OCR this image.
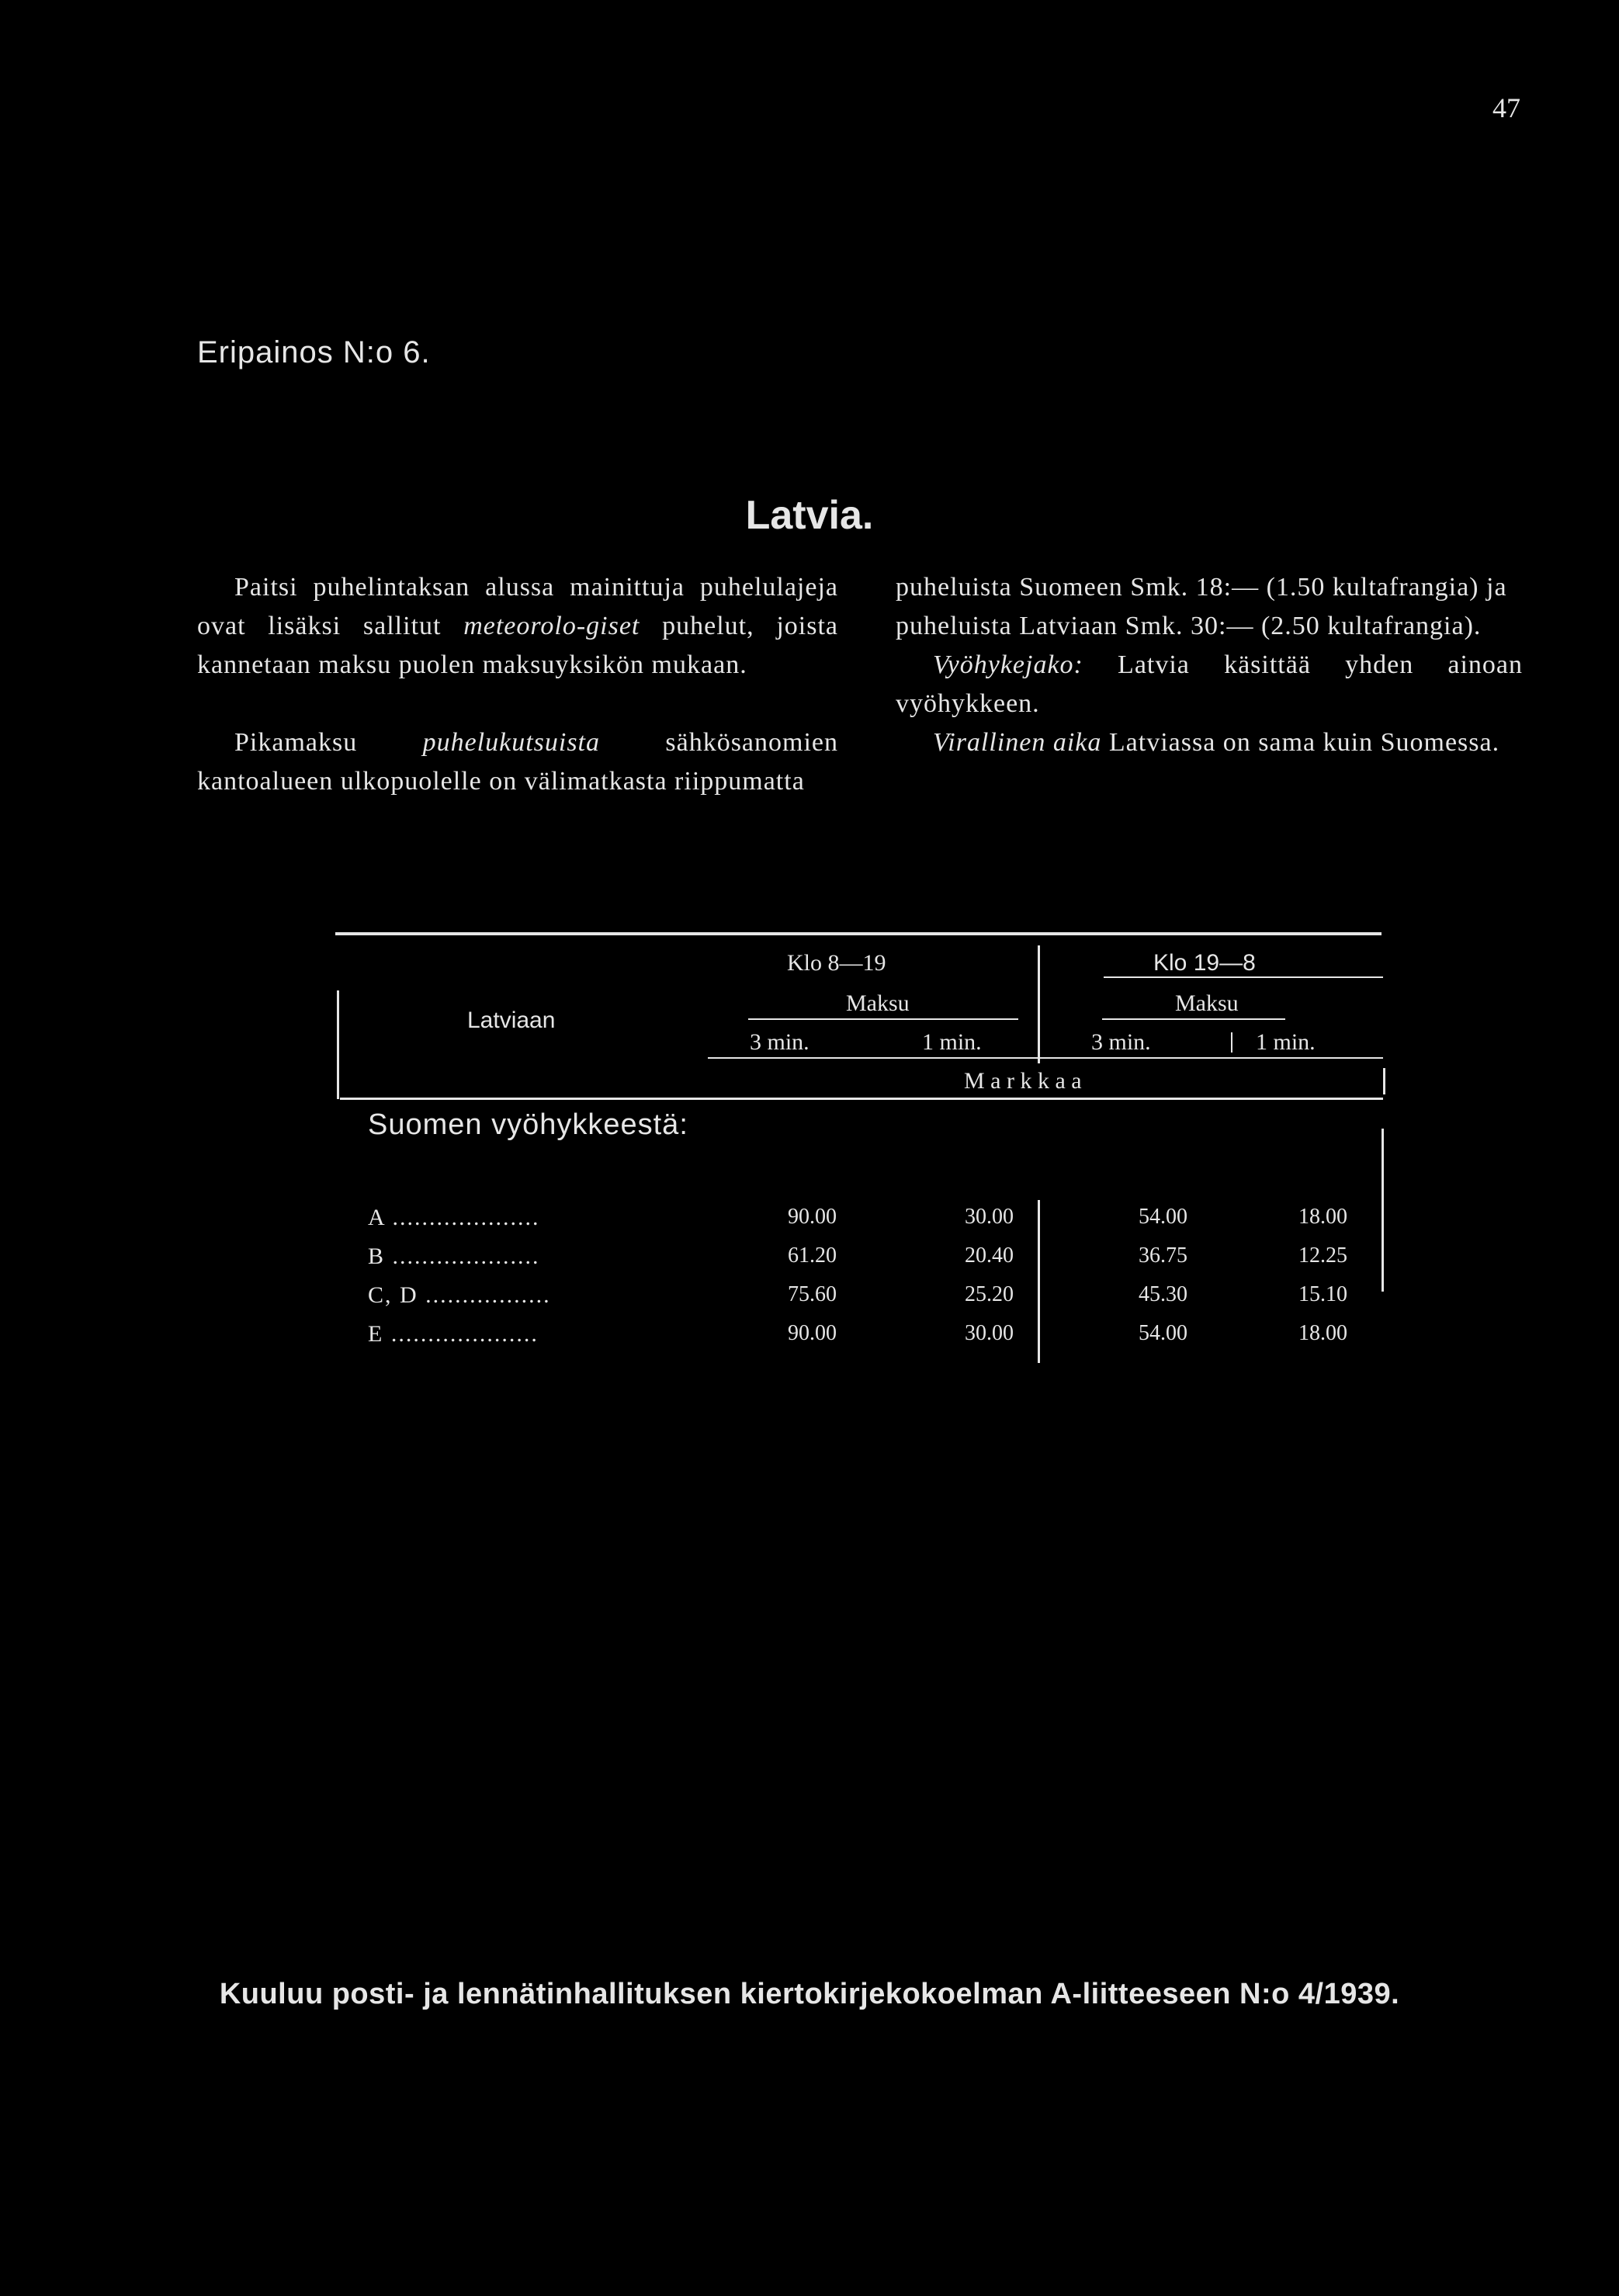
47
Eripainos N:o 6.
Latvia.

Paitsi puhelintaksan alussa mainittuja puhelulajeja ovat lisäksi sallitut meteorolo-giset puhelut, joista kannetaan maksu puolen maksuyksikön mukaan.

Pikamaksu puhelukutsuista sähkösanomien kantoalueen ulkopuolelle on välimatkasta riippumatta

puheluista Suomeen Smk. 18:— (1.50 kultafrangia) ja

puheluista Latviaan Smk. 30:— (2.50 kultafrangia).

Vyöhykejako: Latvia käsittää yhden ainoan vyöhykkeen.

Virallinen aika Latviassa on sama kuin Suomessa.

Latviaan
Klo 8—19	Klo 19—8
Maksu	Maksu
3 min.	1 min.	3 min.	1 min.
M a r k k a a
Suomen vyöhykkeestä:
A ....................	90.00	30.00	54.00	18.00
B ....................	61.20	20.40	36.75	12.25
C, D .................	75.60	25.20	45.30	15.10
E ....................	90.00	30.00	54.00	18.00
Kuuluu posti- ja lennätinhallituksen kiertokirjekokoelman A-liitteeseen N:o 4/1939.
